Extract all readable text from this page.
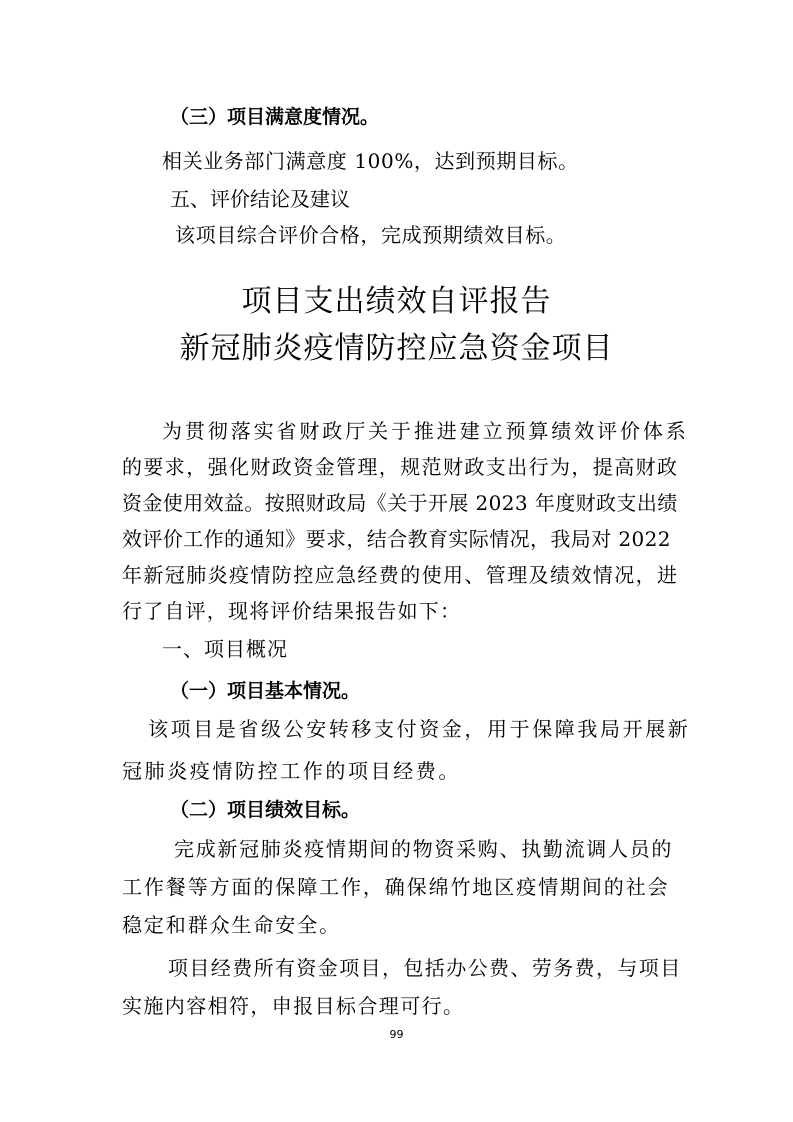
（三）项目满意度情况。
相关业务部门满意度 100%，达到预期目标。
五、评价结论及建议
该项目综合评价合格，完成预期绩效目标。
项目支出绩效自评报告
新冠肺炎疫情防控应急资金项目
为贯彻落实省财政厅关于推进建立预算绩效评价体系
的要求，强化财政资金管理，规范财政支出行为，提高财政
资金使用效益。按照财政局《关于开展 2023 年度财政支出绩
效评价工作的通知》要求，结合教育实际情况，我局对 2022
年新冠肺炎疫情防控应急经费的使用、管理及绩效情况，进
行了自评，现将评价结果报告如下：
一、项目概况
（一）项目基本情况。
该项目是省级公安转移支付资金，用于保障我局开展新
冠肺炎疫情防控工作的项目经费。
（二）项目绩效目标。
完成新冠肺炎疫情期间的物资采购、执勤流调人员的
工作餐等方面的保障工作，确保绵竹地区疫情期间的社会
稳定和群众生命安全。
项目经费所有资金项目，包括办公费、劳务费，与项目
实施内容相符，申报目标合理可行。
99
